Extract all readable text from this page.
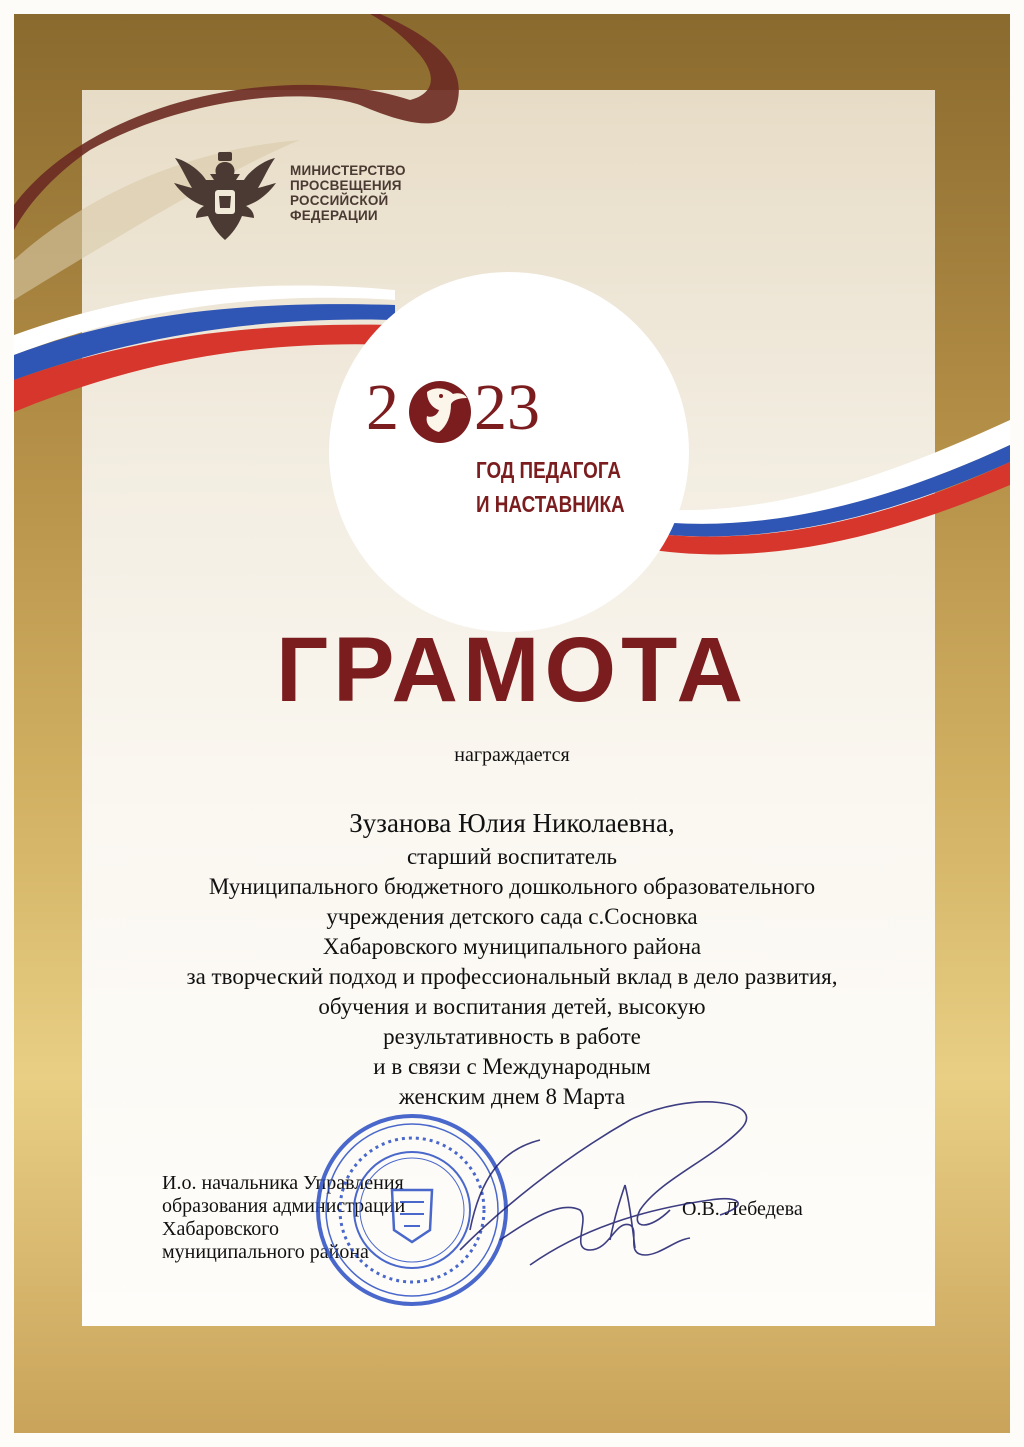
МИНИСТЕРСТВО
ПРОСВЕЩЕНИЯ
РОССИЙСКОЙ
ФЕДЕРАЦИИ
2 23
ГОД ПЕДАГОГА
И НАСТАВНИКА
ГРАМОТА
награждается
Зузанова Юлия Николаевна,
старший воспитатель
Муниципального бюджетного дошкольного образовательного
учреждения детского сада с.Сосновка
Хабаровского муниципального района
за творческий подход и профессиональный вклад в дело развития,
обучения и воспитания детей, высокую
результативность в работе
и в связи с Международным
женским днем 8 Марта
И.о. начальника Управления
образования администрации
Хабаровского
муниципального района
О.В. Лебедева
